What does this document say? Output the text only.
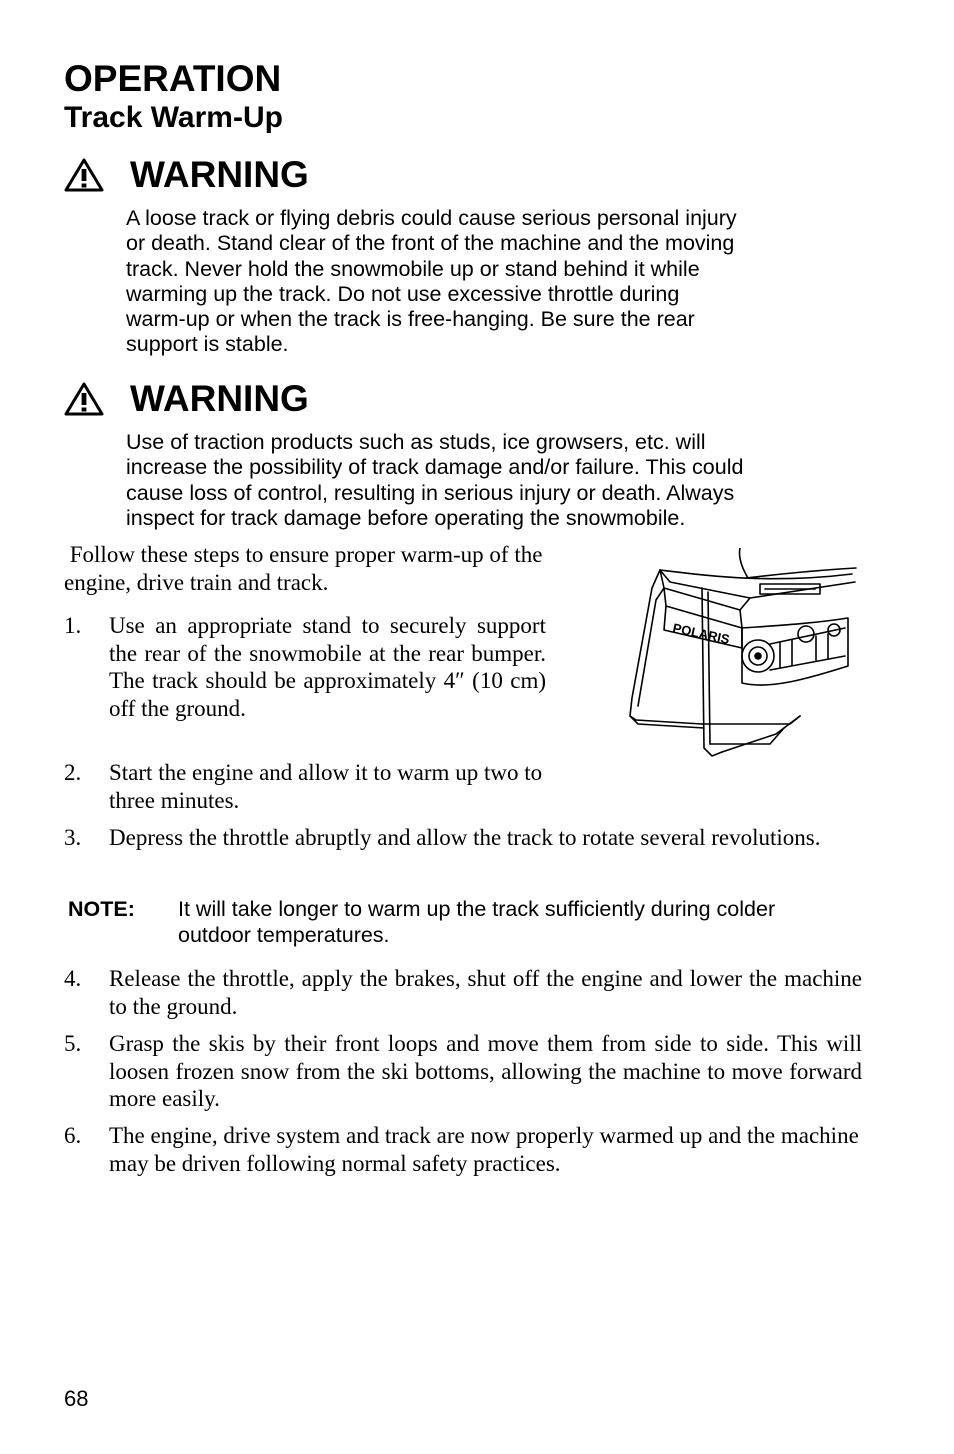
OPERATION
Track Warm-Up
WARNING
A loose track or flying debris could cause serious personal injury
or death. Stand clear of the front of the machine and the moving
track. Never hold the snowmobile up or stand behind it while
warming up the track. Do not use excessive throttle during
warm-up or when the track is free-hanging. Be sure the rear
support is stable.
WARNING
Use of traction products such as studs, ice growsers, etc. will
increase the possibility of track damage and/or failure. This could
cause loss of control, resulting in serious injury or death. Always
inspect for track damage before operating the snowmobile.
Follow these steps to ensure proper warm-up of the engine, drive train and track.
1.	Use an appropriate stand to securely support the rear of the snowmobile at the rear bumper. The track should be approximately 4″ (10 cm) off the ground.
2.	Start the engine and allow it to warm up two to three minutes.
3.	Depress the throttle abruptly and allow the track to rotate several revolutions.
NOTE: It will take longer to warm up the track sufficiently during colder outdoor temperatures.
4.	Release the throttle, apply the brakes, shut off the engine and lower the machine to the ground.
5.	Grasp the skis by their front loops and move them from side to side. This will loosen frozen snow from the ski bottoms, allowing the machine to move forward more easily.
6.	The engine, drive system and track are now properly warmed up and the machine may be driven following normal safety practices.
POLARIS
68
